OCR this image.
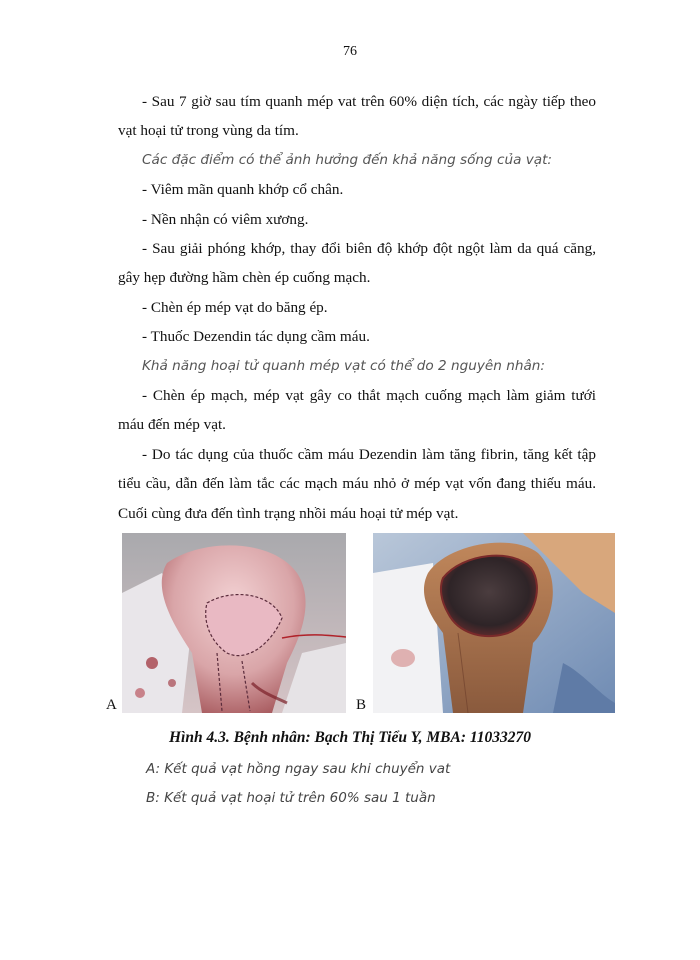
76

- Sau 7 giờ sau tím quanh mép vat trên 60% diện tích, các ngày tiếp theo vạt hoại tử trong vùng da tím.

Các đặc điểm có thể ảnh hưởng đến khả năng sống của vạt:

- Viêm mãn quanh khớp cổ chân.

- Nền nhận có viêm xương.

- Sau giải phóng khớp, thay đổi biên độ khớp đột ngột làm da quá căng, gây hẹp đường hầm chèn ép cuống mạch.

- Chèn ép mép vạt do băng ép.

- Thuốc Dezendin tác dụng cầm máu.

Khả năng hoại tử quanh mép vạt có thể do 2 nguyên nhân:

- Chèn ép mạch, mép vạt gây co thắt mạch cuống mạch làm giảm tưới máu đến mép vạt.

- Do tác dụng của thuốc cầm máu Dezendin làm tăng fibrin, tăng kết tập tiểu cầu, dẫn đến làm tắc các mạch máu nhỏ ở mép vạt vốn đang thiếu máu. Cuối cùng đưa đến tình trạng nhồi máu hoại tử mép vạt.

A	B
Hình 4.3. Bệnh nhân: Bạch Thị Tiểu Y, MBA: 11033270
A: Kết quả vạt hồng ngay sau khi chuyển vat
B: Kết quả vạt hoại tử trên 60% sau 1 tuần
